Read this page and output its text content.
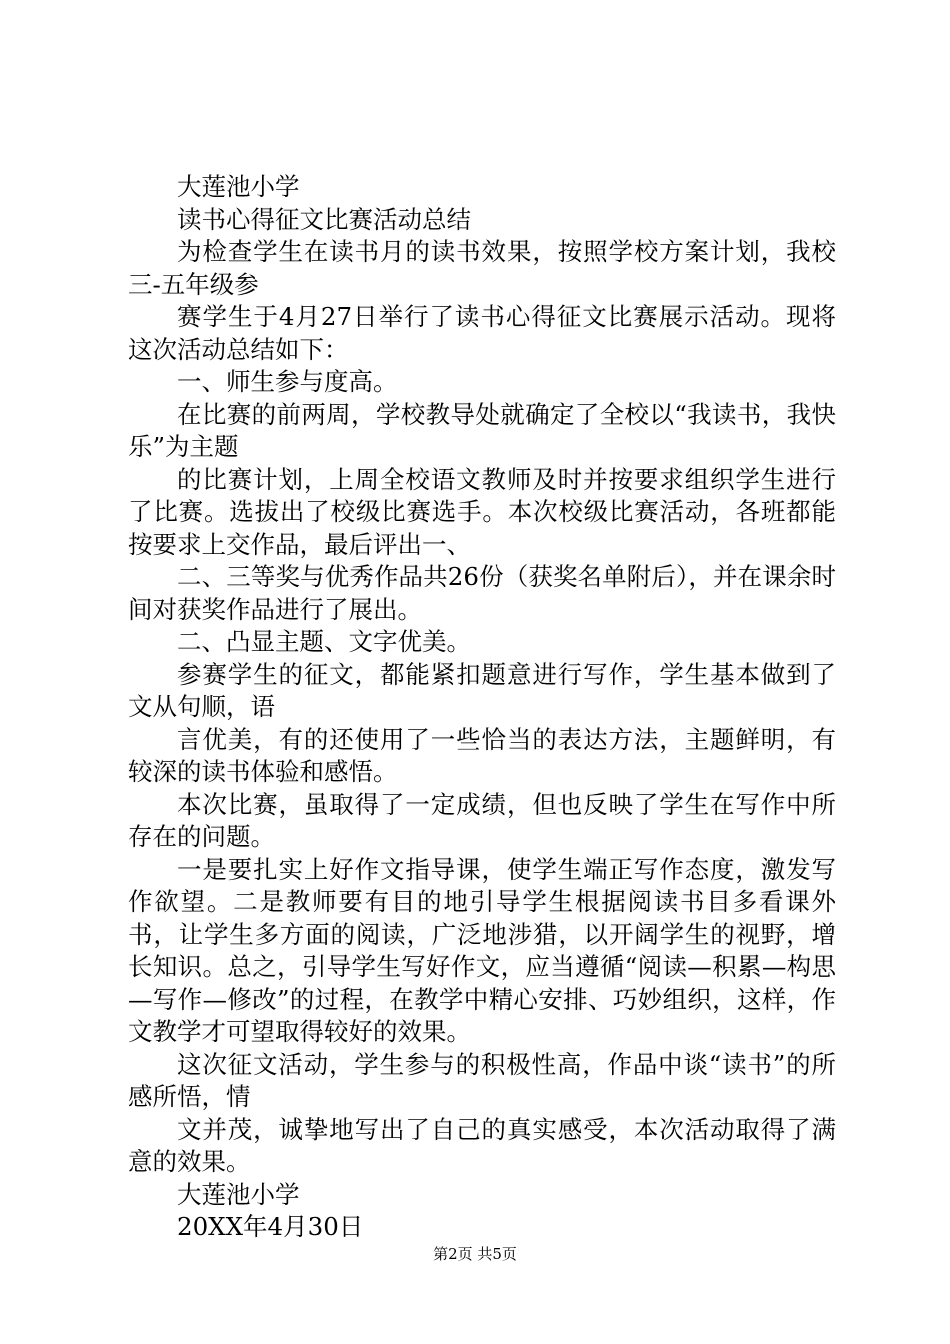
大莲池小学

读书心得征文比赛活动总结

为检查学生在读书月的读书效果，按照学校方案计划，我校三-五年级参

赛学生于4月27日举行了读书心得征文比赛展示活动。现将这次活动总结如下：

一、师生参与度高。

在比赛的前两周，学校教导处就确定了全校以“我读书，我快乐”为主题

的比赛计划，上周全校语文教师及时并按要求组织学生进行了比赛。选拔出了校级比赛选手。本次校级比赛活动，各班都能按要求上交作品，最后评出一、

二、三等奖与优秀作品共26份（获奖名单附后），并在课余时间对获奖作品进行了展出。

二、凸显主题、文字优美。

参赛学生的征文，都能紧扣题意进行写作，学生基本做到了文从句顺，语

言优美，有的还使用了一些恰当的表达方法，主题鲜明，有较深的读书体验和感悟。

本次比赛，虽取得了一定成绩，但也反映了学生在写作中所存在的问题。

一是要扎实上好作文指导课，使学生端正写作态度，激发写作欲望。二是教师要有目的地引导学生根据阅读书目多看课外书，让学生多方面的阅读，广泛地涉猎，以开阔学生的视野，增长知识。总之，引导学生写好作文，应当遵循“阅读—积累—构思—写作—修改”的过程，在教学中精心安排、巧妙组织，这样，作文教学才可望取得较好的效果。

这次征文活动，学生参与的积极性高，作品中谈“读书”的所感所悟，情

文并茂，诚挚地写出了自己的真实感受，本次活动取得了满意的效果。

大莲池小学

20XX年4月30日

第2页 共5页
